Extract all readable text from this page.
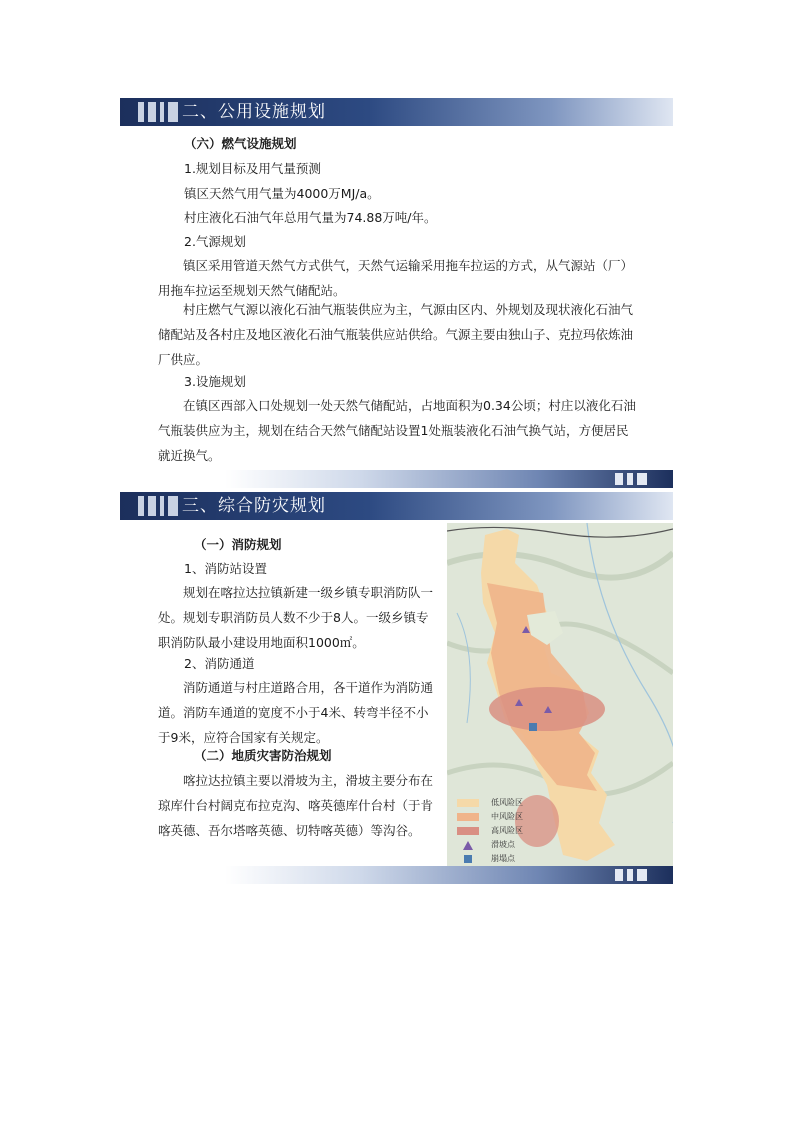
二、公用设施规划
（六）燃气设施规划
1.规划目标及用气量预测
镇区天然气用气量为4000万MJ/a。
村庄液化石油气年总用气量为74.88万吨/年。
2.气源规划
镇区采用管道天然气方式供气，天然气运输采用拖车拉运的方式，从气源站（厂）用拖车拉运至规划天然气储配站。
村庄燃气气源以液化石油气瓶装供应为主，气源由区内、外规划及现状液化石油气储配站及各村庄及地区液化石油气瓶装供应站供给。气源主要由独山子、克拉玛依炼油厂供应。
3.设施规划
在镇区西部入口处规划一处天然气储配站，占地面积为0.34公顷；村庄以液化石油气瓶装供应为主，规划在结合天然气储配站设置1处瓶装液化石油气换气站，方便居民就近换气。
三、综合防灾规划
（一）消防规划
1、消防站设置
规划在喀拉达拉镇新建一级乡镇专职消防队一处。规划专职消防员人数不少于8人。一级乡镇专职消防队最小建设用地面积1000㎡。
2、消防通道
消防通道与村庄道路合用，各干道作为消防通道。消防车通道的宽度不小于4米、转弯半径不小于9米，应符合国家有关规定。
（二）地质灾害防治规划
喀拉达拉镇主要以滑坡为主，滑坡主要分布在琼库什台村阔克布拉克沟、喀英德库什台村（于肯喀英德、吾尔塔喀英德、切特喀英德）等沟谷。
低风险区
中风险区
高风险区
滑坡点
崩塌点
